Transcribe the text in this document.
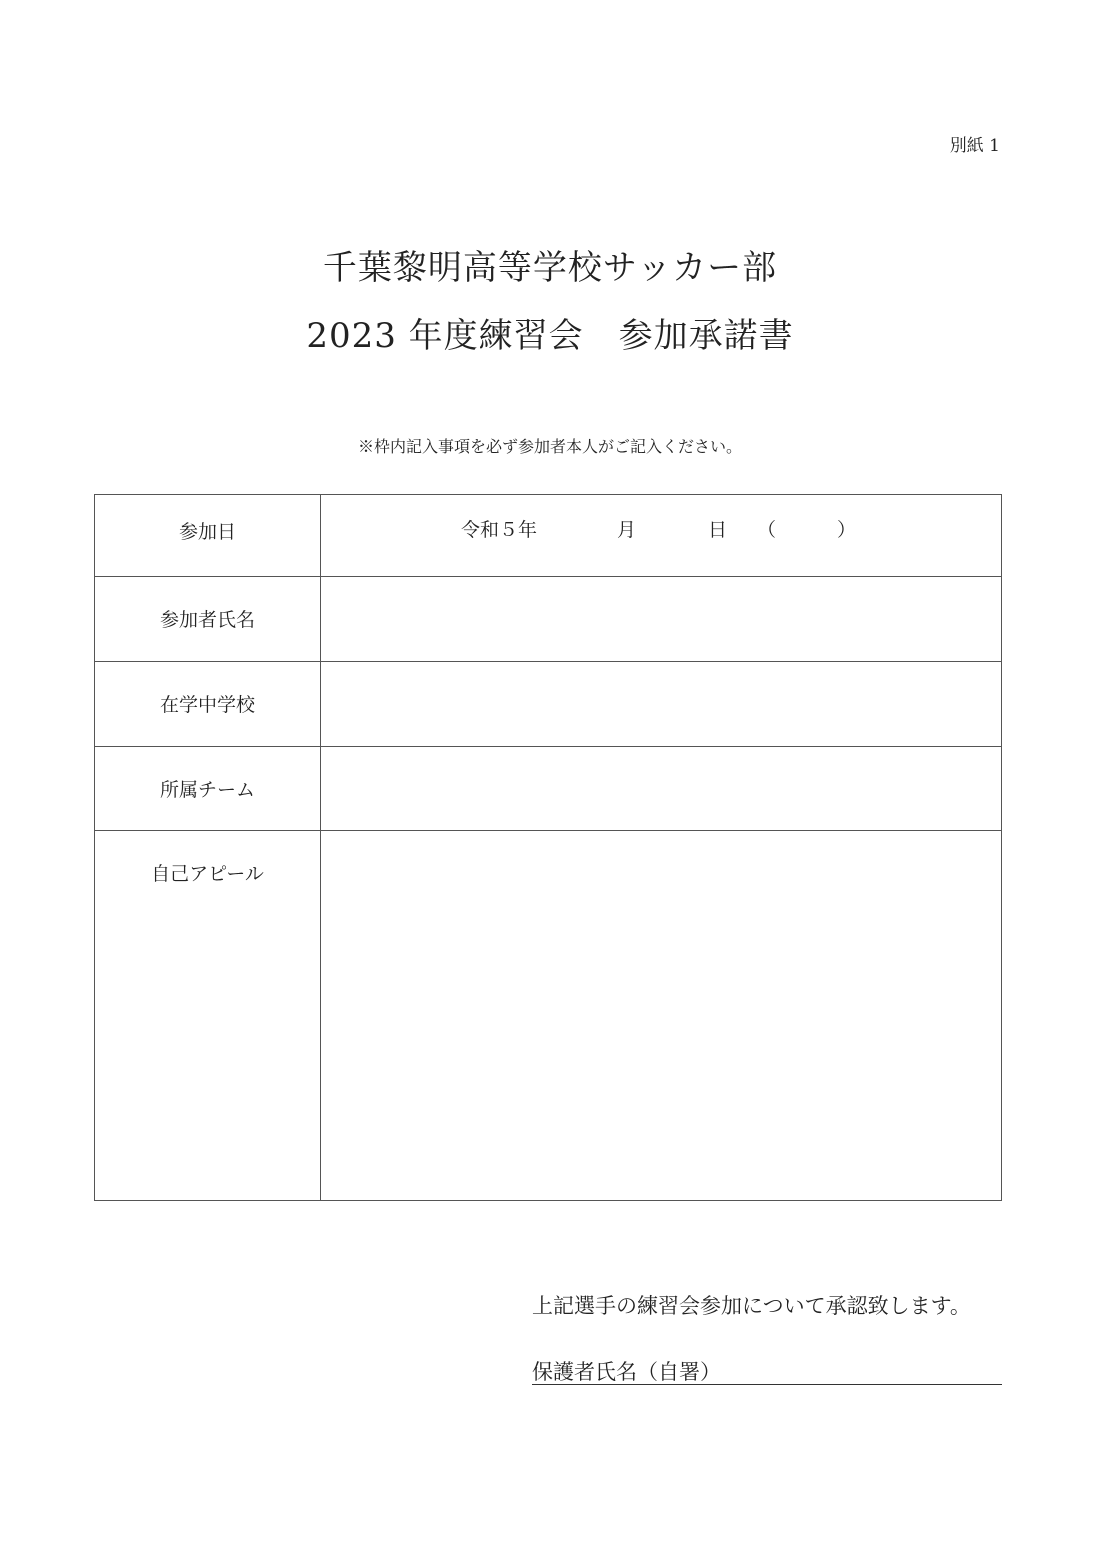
別紙 1
千葉黎明高等学校サッカー部
2023 年度練習会　参加承諾書
※枠内記入事項を必ず参加者本人がご記入ください。
参加日	令和５年	月	日 （	）
参加者氏名
在学中学校
所属チーム
自己アピール
上記選手の練習会参加について承認致します。
保護者氏名（自署）
